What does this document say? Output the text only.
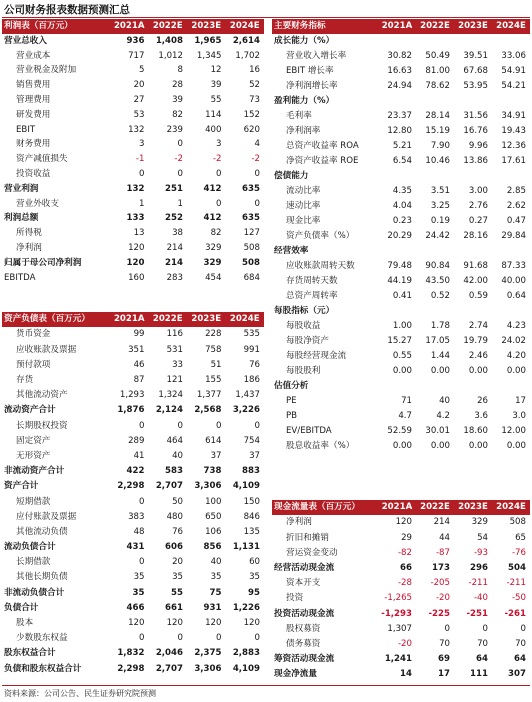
公司财务报表数据预测汇总
利润表（百万元）	2021A	2022E	2023E	2024E
营业总收入	936	1,408	1,965	2,614
营业成本	717	1,012	1,345	1,702
营业税金及附加	5	8	12	16
销售费用	20	28	39	52
管理费用	27	39	55	73
研发费用	53	82	114	152
EBIT	132	239	400	620
财务费用	3	0	3	4
资产减值损失	-1	-2	-2	-2
投资收益	0	0	0	0
营业利润	132	251	412	635
营业外收支	1	1	0	0
利润总额	133	252	412	635
所得税	13	38	82	127
净利润	120	214	329	508
归属于母公司净利润	120	214	329	508
EBITDA	160	283	454	684
资产负债表（百万元）	2021A	2022E	2023E	2024E
货币资金	99	116	228	535
应收账款及票据	351	531	758	991
预付款项	46	33	51	76
存货	87	121	155	186
其他流动资产	1,293	1,324	1,377	1,437
流动资产合计	1,876	2,124	2,568	3,226
长期股权投资	0	0	0	0
固定资产	289	464	614	754
无形资产	41	40	37	37
非流动资产合计	422	583	738	883
资产合计	2,298	2,707	3,306	4,109
短期借款	0	50	100	150
应付账款及票据	383	480	650	846
其他流动负债	48	76	106	135
流动负债合计	431	606	856	1,131
长期借款	0	20	40	60
其他长期负债	35	35	35	35
非流动负债合计	35	55	75	95
负债合计	466	661	931	1,226
股本	120	120	120	120
少数股东权益	0	0	0	0
股东权益合计	1,832	2,046	2,375	2,883
负债和股东权益合计	2,298	2,707	3,306	4,109
主要财务指标	2021A	2022E	2023E	2024E
成长能力（%）				
营业收入增长率	30.82	50.49	39.51	33.06
EBIT 增长率	16.63	81.00	67.68	54.91
净利润增长率	24.94	78.62	53.95	54.21
盈利能力（%）				
毛利率	23.37	28.14	31.56	34.91
净利润率	12.80	15.19	16.76	19.43
总资产收益率 ROA	5.21	7.90	9.96	12.36
净资产收益率 ROE	6.54	10.46	13.86	17.61
偿债能力				
流动比率	4.35	3.51	3.00	2.85
速动比率	4.04	3.25	2.76	2.62
现金比率	0.23	0.19	0.27	0.47
资产负债率（%）	20.29	24.42	28.16	29.84
经营效率				
应收账款周转天数	79.48	90.84	91.68	87.33
存货周转天数	44.19	43.50	42.00	40.00
总资产周转率	0.41	0.52	0.59	0.64
每股指标（元）				
每股收益	1.00	1.78	2.74	4.23
每股净资产	15.27	17.05	19.79	24.02
每股经营现金流	0.55	1.44	2.46	4.20
每股股利	0.00	0.00	0.00	0.00
估值分析				
PE	71	40	26	17
PB	4.7	4.2	3.6	3.0
EV/EBITDA	52.59	30.01	18.60	12.00
股息收益率（%）	0.00	0.00	0.00	0.00
现金流量表（百万元）	2021A	2022E	2023E	2024E
净利润	120	214	329	508
折旧和摊销	29	44	54	65
营运资金变动	-82	-87	-93	-76
经营活动现金流	66	173	296	504
资本开支	-28	-205	-211	-211
投资	-1,265	-20	-40	-50
投资活动现金流	-1,293	-225	-251	-261
股权募资	1,307	0	0	0
债务募资	-20	70	70	70
筹资活动现金流	1,241	69	64	64
现金净流量	14	17	111	307
资料来源：公司公告、民生证券研究院预测
